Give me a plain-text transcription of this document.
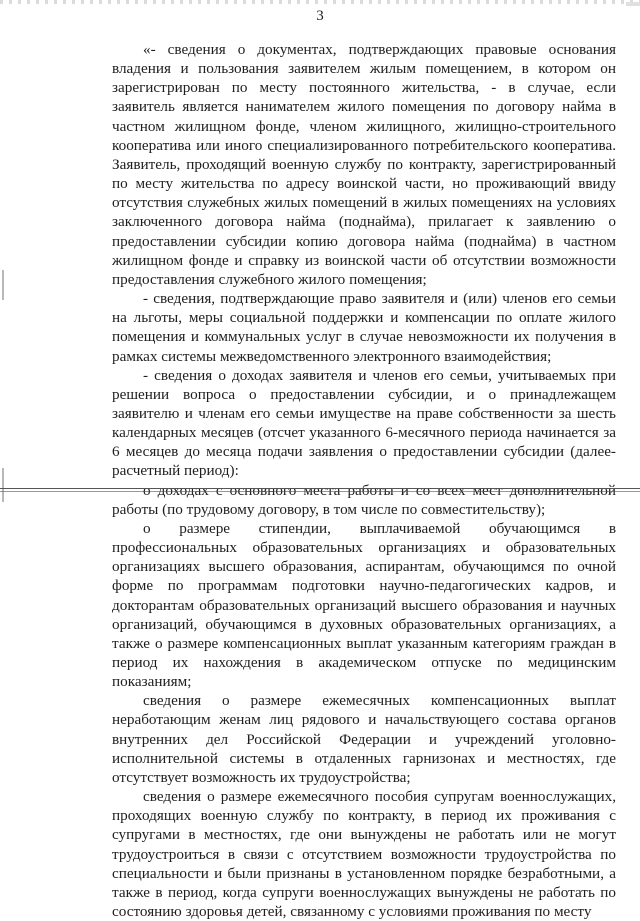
3

«- сведения о документах, подтверждающих правовые основания владения и пользования заявителем жилым помещением, в котором он зарегистрирован по месту постоянного жительства, - в случае, если заявитель является нанимателем жилого помещения по договору найма в частном жилищном фонде, членом жилищного, жилищно-строительного кооператива или иного специализированного потребительского кооператива. Заявитель, проходящий военную службу по контракту, зарегистрированный по месту жительства по адресу воинской части, но проживающий ввиду отсутствия служебных жилых помещений в жилых помещениях на условиях заключенного договора найма (поднайма), прилагает к заявлению о предоставлении субсидии копию договора найма (поднайма) в частном жилищном фонде и справку из воинской части об отсутствии возможности предоставления служебного жилого помещения;

- сведения, подтверждающие право заявителя и (или) членов его семьи на льготы, меры социальной поддержки и компенсации по оплате жилого помещения и коммунальных услуг в случае невозможности их получения в рамках системы межведомственного электронного взаимодействия;

- сведения о доходах заявителя и членов его семьи, учитываемых при решении вопроса о предоставлении субсидии, и о принадлежащем заявителю и членам его семьи имуществе на праве собственности за шесть календарных месяцев (отсчет указанного 6-месячного периода начинается за 6 месяцев до месяца подачи заявления о предоставлении субсидии (далее-расчетный период):

работы (по трудовому договору, в том числе по совместительству);

о размере стипендии, выплачиваемой обучающимся в профессиональных образовательных организациях и образовательных организациях высшего образования, аспирантам, обучающимся по очной форме по программам подготовки научно-педагогических кадров, и докторантам образовательных организаций высшего образования и научных организаций, обучающимся в духовных образовательных организациях, а также о размере компенсационных выплат указанным категориям граждан в период их нахождения в академическом отпуске по медицинским показаниям;

сведения о размере ежемесячных компенсационных выплат неработающим женам лиц рядового и начальствующего состава органов внутренних дел Российской Федерации и учреждений уголовно-исполнительной системы в отдаленных гарнизонах и местностях, где отсутствует возможность их трудоустройства;

сведения о размере ежемесячного пособия супругам военнослужащих, проходящих военную службу по контракту, в период их проживания с супругами в местностях, где они вынуждены не работать или не могут трудоустроиться в связи с отсутствием возможности трудоустройства по специальности и были признаны в установленном порядке безработными, а также в период, когда супруги военнослужащих вынуждены не работать по состоянию здоровья детей, связанному с условиями проживания по месту
